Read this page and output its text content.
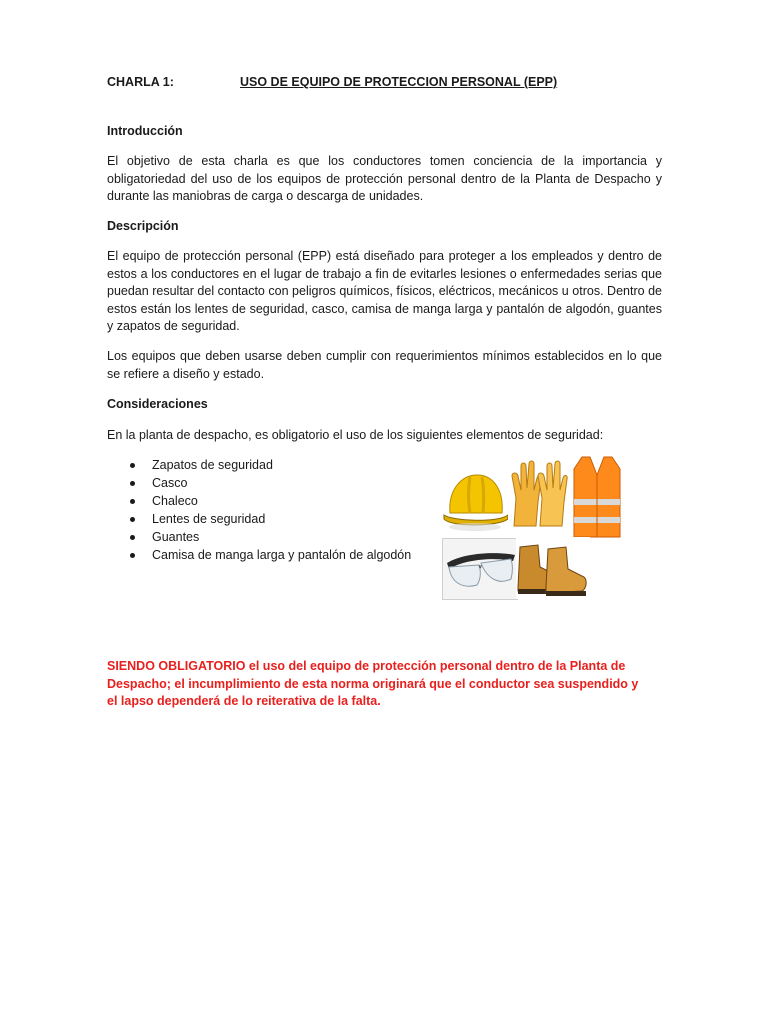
CHARLA 1:	USO DE EQUIPO DE PROTECCION PERSONAL (EPP)
Introducción
El objetivo de esta charla es que los conductores tomen conciencia de la importancia y obligatoriedad del uso de los equipos de protección personal dentro de la Planta de Despacho y durante las maniobras de carga o descarga de unidades.
Descripción
El equipo de protección personal (EPP) está diseñado para proteger a los empleados y dentro de estos a los conductores en el lugar de trabajo a fin de evitarles lesiones o enfermedades serias que puedan resultar del contacto con peligros químicos, físicos, eléctricos, mecánicos u otros. Dentro de estos están los lentes de seguridad, casco, camisa de manga larga y pantalón de algodón, guantes y zapatos de seguridad.
Los equipos que deben usarse deben cumplir con requerimientos mínimos establecidos en lo que se refiere a diseño y estado.
Consideraciones
En la planta de despacho, es obligatorio el uso de los siguientes elementos de seguridad:
Zapatos de seguridad
Casco
Chaleco
Lentes de seguridad
Guantes
Camisa de manga larga y pantalón de algodón
SIENDO OBLIGATORIO el uso del equipo de protección personal dentro de la Planta de Despacho; el incumplimiento de esta norma originará que el conductor sea suspendido y el lapso dependerá de lo reiterativa de la falta.
